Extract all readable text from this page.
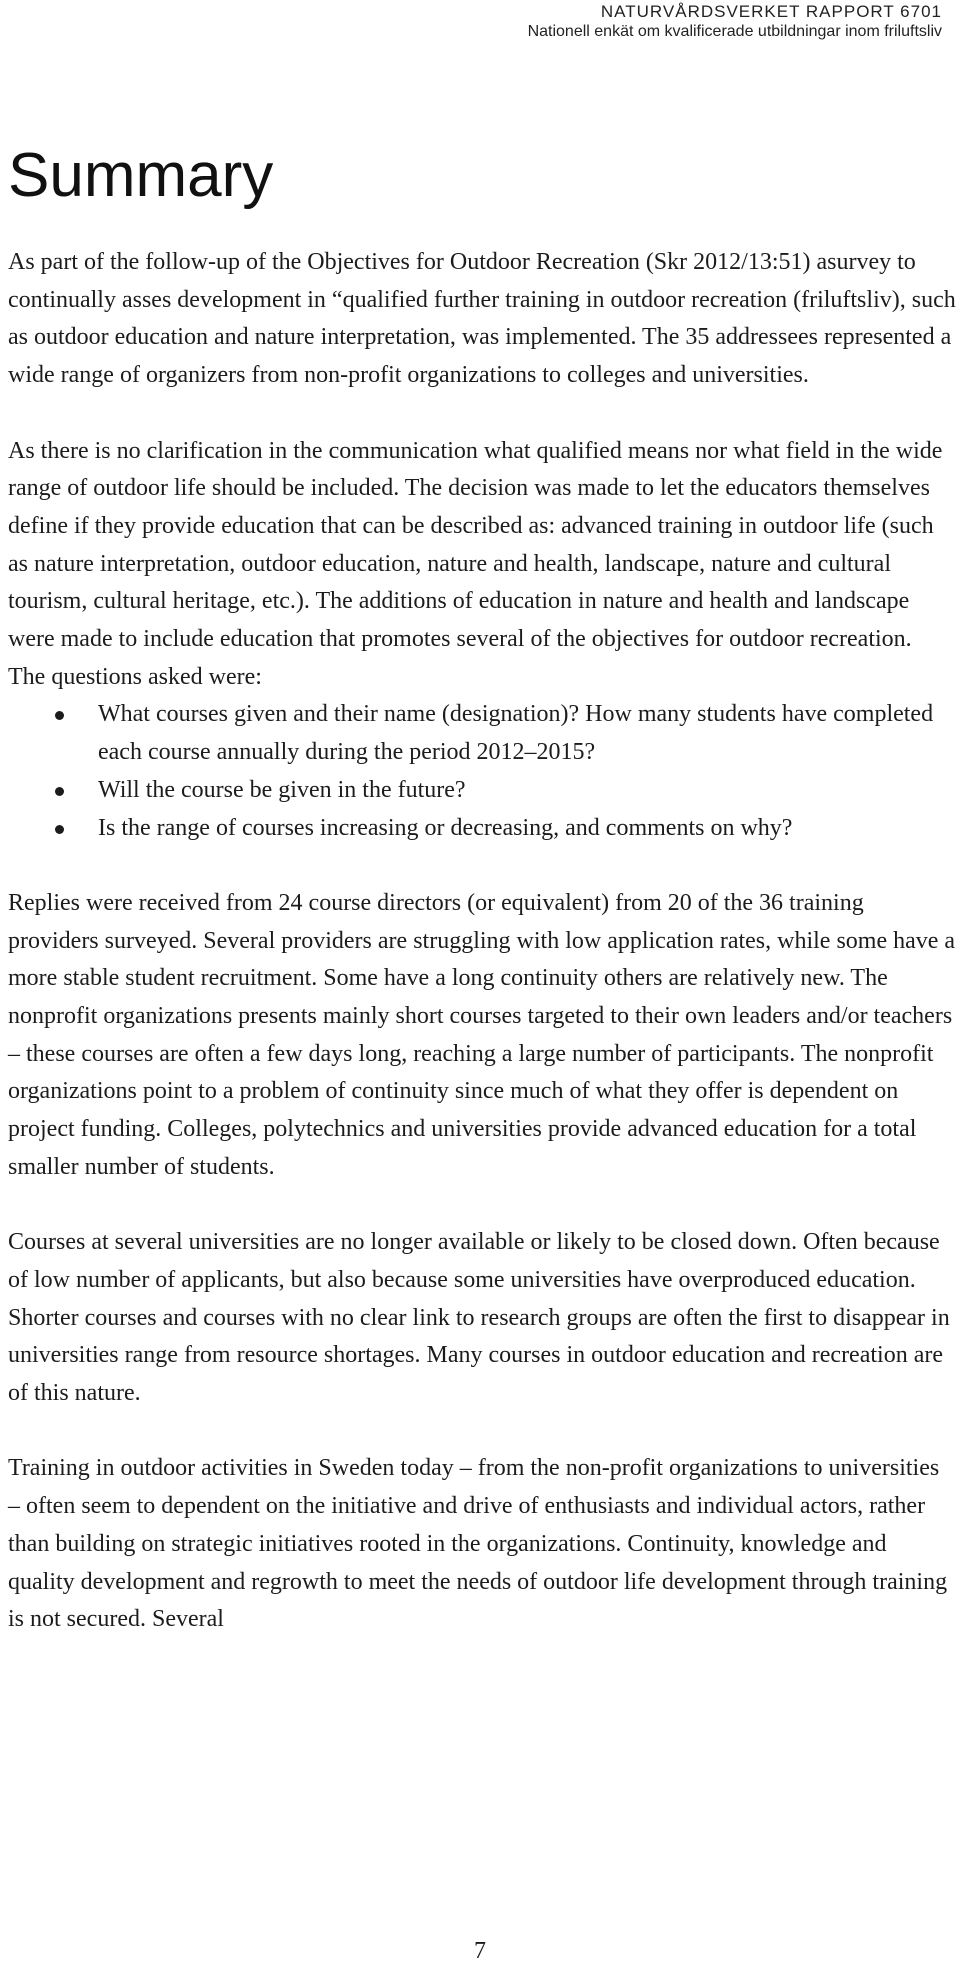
NATURVÅRDSVERKET RAPPORT 6701
Nationell enkät om kvalificerade utbildningar inom friluftsliv
Summary

As part of the follow-up of the Objectives for Outdoor Recreation (Skr 2012/13:51) asurvey to continually asses development in “qualified further training in outdoor recreation (friluftsliv), such as outdoor education and nature interpretation, was implemented. The 35 addressees represented a wide range of organizers from non-profit organizations to colleges and universities.

As there is no clarification in the communication what qualified means nor what field in the wide range of outdoor life should be included. The decision was made to let the educators themselves define if they provide education that can be described as: advanced training in outdoor life (such as nature interpretation, outdoor education, nature and health, landscape, nature and cultural tourism, cultural heritage, etc.). The additions of education in nature and health and landscape were made to include education that promotes several of the objectives for outdoor recreation.

The questions asked were:

What courses given and their name (designation)? How many students have completed each course annually during the period 2012–2015?
Will the course be given in the future?
Is the range of courses increasing or decreasing, and comments on why?

Replies were received from 24 course directors (or equivalent) from 20 of the 36 training providers surveyed. Several providers are struggling with low application rates, while some have a more stable student recruitment. Some have a long continuity others are relatively new. The nonprofit organizations presents mainly short courses targeted to their own leaders and/or teachers – these courses are often a few days long, reaching a large number of participants. The nonprofit organizations point to a problem of continuity since much of what they offer is dependent on project funding. Colleges, polytechnics and universities provide advanced education for a total smaller number of students.

Courses at several universities are no longer available or likely to be closed down. Often because of low number of applicants, but also because some universities have overproduced education. Shorter courses and courses with no clear link to research groups are often the first to disappear in universities range from resource shortages. Many courses in outdoor education and recreation are of this nature.

Training in outdoor activities in Sweden today – from the non-profit organizations to universities – often seem to dependent on the initiative and drive of enthusiasts and individual actors, rather than building on strategic initiatives rooted in the organizations. Continuity, knowledge and quality development and regrowth to meet the needs of outdoor life development through training is not secured. Several

7
